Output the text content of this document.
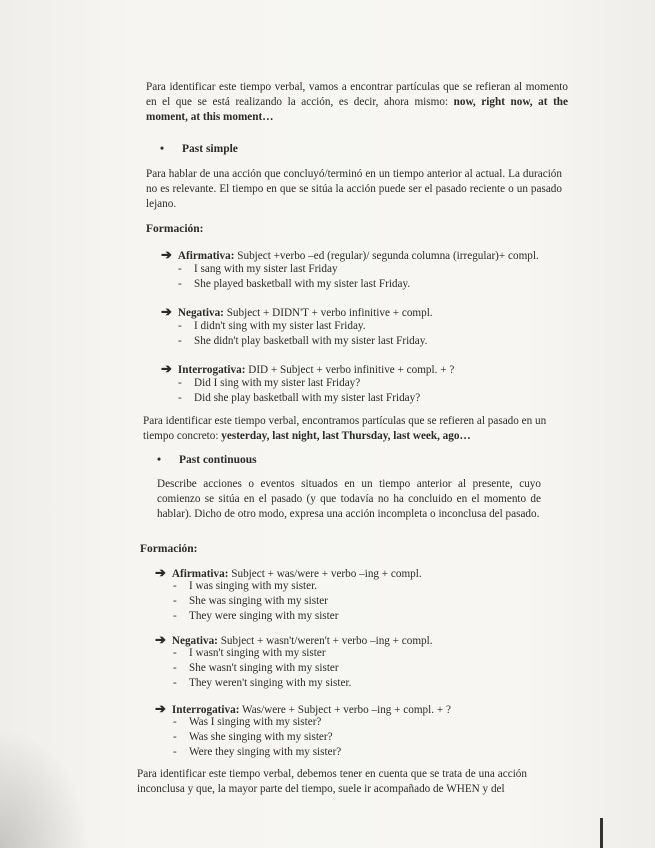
Para identificar este tiempo verbal, vamos a encontrar partículas que se refieran al momento en el que se está realizando la acción, es decir, ahora mismo: now, right now, at the moment, at this moment…
• Past simple
Para hablar de una acción que concluyó/terminó en un tiempo anterior al actual. La duración no es relevante. El tiempo en que se sitúa la acción puede ser el pasado reciente o un pasado lejano.
Formación:
➔ Afirmativa: Subject +verbo –ed (regular)/ segunda columna (irregular)+ compl.
- I sang with my sister last Friday
- She played basketball with my sister last Friday.
➔ Negativa: Subject + DIDN'T + verbo infinitive + compl.
- I didn't sing with my sister last Friday.
- She didn't play basketball with my sister last Friday.
➔ Interrogativa: DID + Subject + verbo infinitive + compl. + ?
- Did I sing with my sister last Friday?
- Did she play basketball with my sister last Friday?
Para identificar este tiempo verbal, encontramos partículas que se refieren al pasado en un tiempo concreto: yesterday, last night, last Thursday, last week, ago…
• Past continuous
Describe acciones o eventos situados en un tiempo anterior al presente, cuyo comienzo se sitúa en el pasado (y que todavía no ha concluido en el momento de hablar). Dicho de otro modo, expresa una acción incompleta o inconclusa del pasado.
Formación:
➔ Afirmativa: Subject + was/were + verbo –ing + compl.
- I was singing with my sister.
- She was singing with my sister
- They were singing with my sister
➔ Negativa: Subject + wasn't/weren't + verbo –ing + compl.
- I wasn't singing with my sister
- She wasn't singing with my sister
- They weren't singing with my sister.
➔ Interrogativa: Was/were + Subject + verbo –ing + compl. + ?
- Was I singing with my sister?
- Was she singing with my sister?
- Were they singing with my sister?
Para identificar este tiempo verbal, debemos tener en cuenta que se trata de una acción inconclusa y que, la mayor parte del tiempo, suele ir acompañado de WHEN y del
